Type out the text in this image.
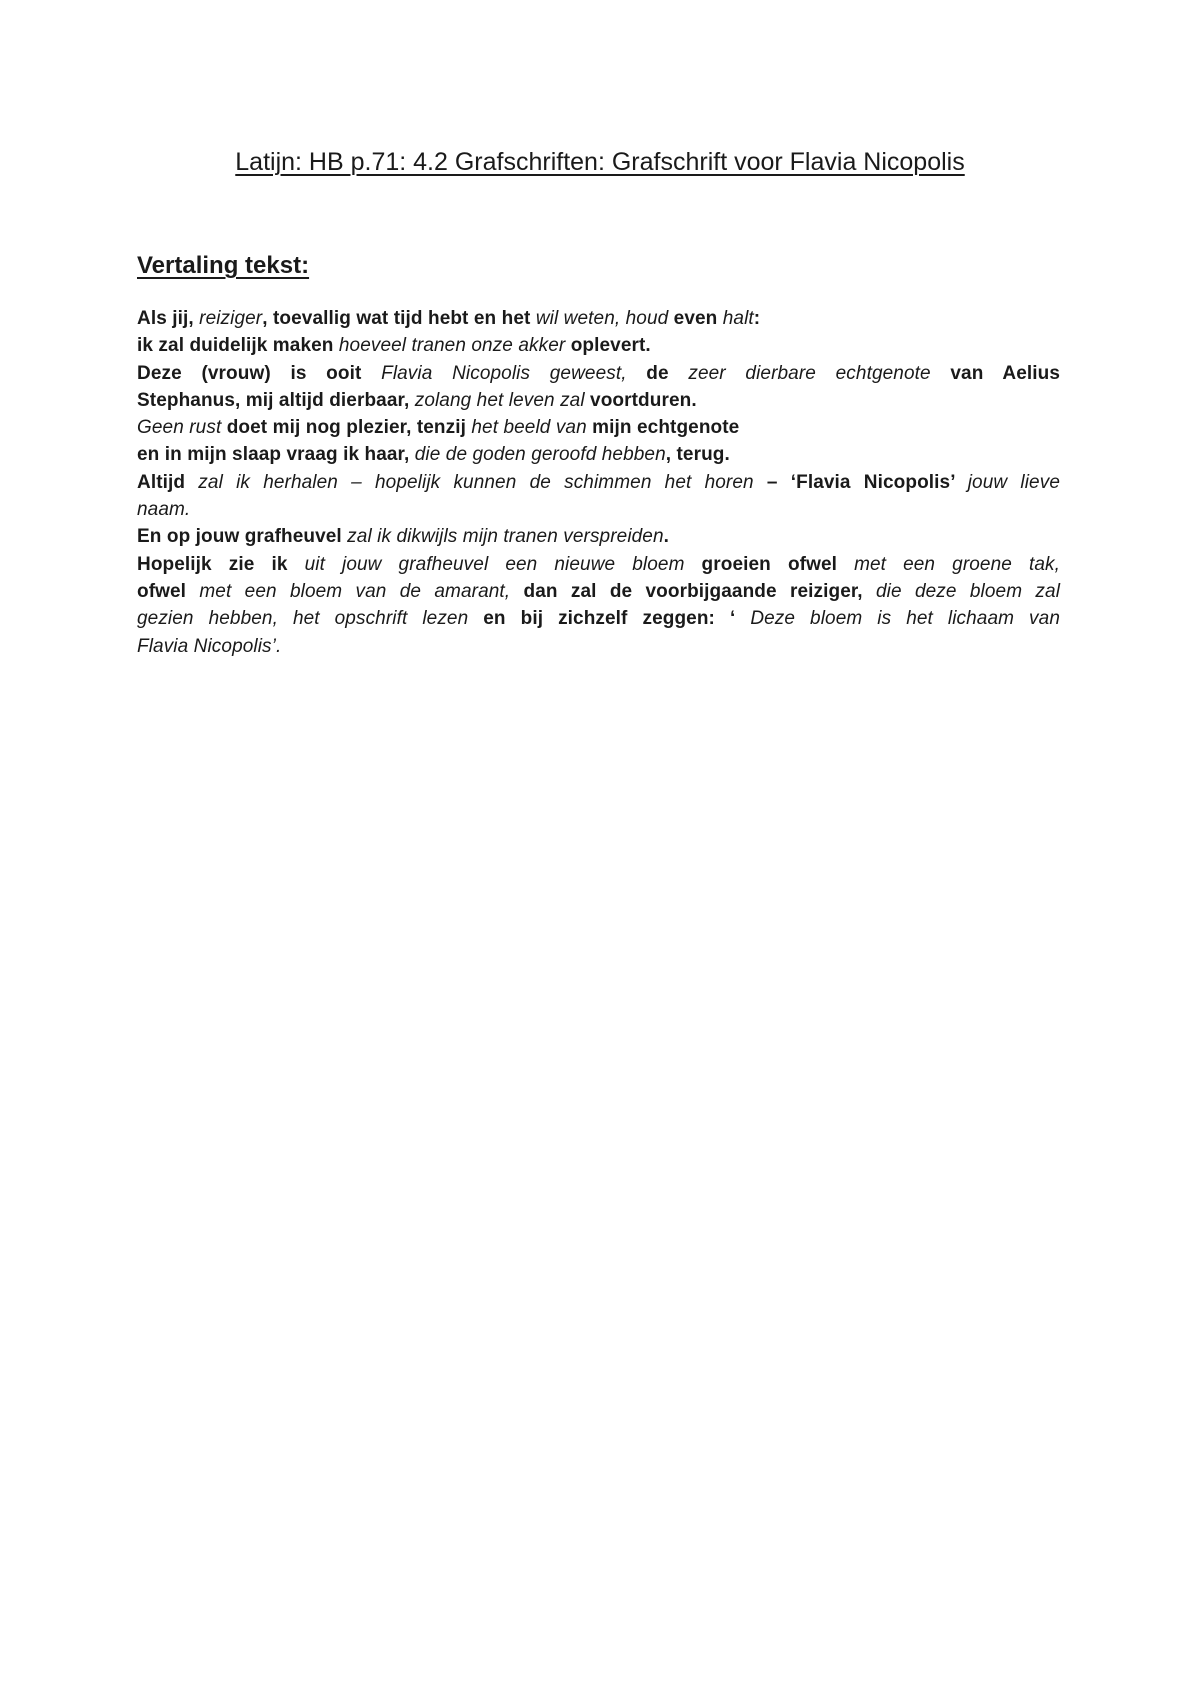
Latijn: HB p.71: 4.2 Grafschriften: Grafschrift voor Flavia Nicopolis
Vertaling tekst:
Als jij, reiziger, toevallig wat tijd hebt en het wil weten, houd even halt:
ik zal duidelijk maken hoeveel tranen onze akker oplevert.
Deze (vrouw) is ooit Flavia Nicopolis geweest, de zeer dierbare echtgenote van Aelius
Stephanus, mij altijd dierbaar, zolang het leven zal voortduren.
Geen rust doet mij nog plezier, tenzij het beeld van mijn echtgenote
en in mijn slaap vraag ik haar, die de goden geroofd hebben, terug.
Altijd zal ik herhalen – hopelijk kunnen de schimmen het horen – ‘Flavia Nicopolis’ jouw lieve
naam.
En op jouw grafheuvel zal ik dikwijls mijn tranen verspreiden.
Hopelijk zie ik uit jouw grafheuvel een nieuwe bloem groeien ofwel met een groene tak,
ofwel met een bloem van de amarant, dan zal de voorbijgaande reiziger, die deze bloem zal
gezien hebben, het opschrift lezen en bij zichzelf zeggen: ‘ Deze bloem is het lichaam van
Flavia Nicopolis’.
